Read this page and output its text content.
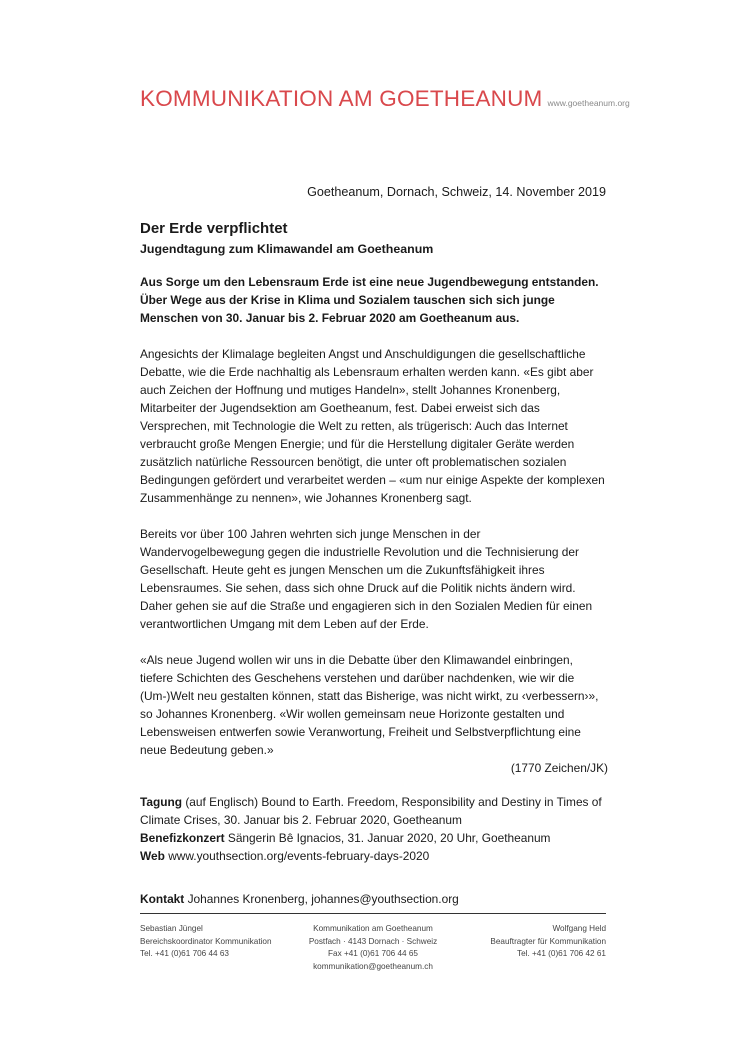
KOMMUNIKATION AM GOETHEANUM www.goetheanum.org
Goetheanum, Dornach, Schweiz, 14. November 2019
Der Erde verpflichtet
Jugendtagung zum Klimawandel am Goetheanum

Aus Sorge um den Lebensraum Erde ist eine neue Jugendbewegung entstanden. Über Wege aus der Krise in Klima und Sozialem tauschen sich sich junge Menschen von 30. Januar bis 2. Februar 2020 am Goetheanum aus.

Angesichts der Klimalage begleiten Angst und Anschuldigungen die gesellschaftliche Debatte, wie die Erde nachhaltig als Lebensraum erhalten werden kann. «Es gibt aber auch Zeichen der Hoffnung und mutiges Handeln», stellt Johannes Kronenberg, Mitarbeiter der Jugendsektion am Goetheanum, fest. Dabei erweist sich das Versprechen, mit Technologie die Welt zu retten, als trügerisch: Auch das Internet verbraucht große Mengen Energie; und für die Herstellung digitaler Geräte werden zusätzlich natürliche Ressourcen benötigt, die unter oft problematischen sozialen Bedingungen gefördert und verarbeitet werden – «um nur einige Aspekte der komplexen Zusammenhänge zu nennen», wie Johannes Kronenberg sagt.

Bereits vor über 100 Jahren wehrten sich junge Menschen in der Wandervogelbewegung gegen die industrielle Revolution und die Technisierung der Gesellschaft. Heute geht es jungen Menschen um die Zukunftsfähigkeit ihres Lebensraumes. Sie sehen, dass sich ohne Druck auf die Politik nichts ändern wird. Daher gehen sie auf die Straße und engagieren sich in den Sozialen Medien für einen verantwortlichen Umgang mit dem Leben auf der Erde.

«Als neue Jugend wollen wir uns in die Debatte über den Klimawandel einbringen, tiefere Schichten des Geschehens verstehen und darüber nachdenken, wie wir die (Um-)Welt neu gestalten können, statt das Bisherige, was nicht wirkt, zu ‹verbessern›», so Johannes Kronenberg. «Wir wollen gemeinsam neue Horizonte gestalten und Lebensweisen entwerfen sowie Veranwortung, Freiheit und Selbstverpflichtung eine neue Bedeutung geben.»

(1770 Zeichen/JK)

Tagung (auf Englisch) Bound to Earth. Freedom, Responsibility and Destiny in Times of Climate Crises, 30. Januar bis 2. Februar 2020, Goetheanum

Benefizkonzert Sängerin Bê Ignacios, 31. Januar 2020, 20 Uhr, Goetheanum

Web www.youthsection.org/events-february-days-2020

Kontakt Johannes Kronenberg, johannes@youthsection.org
Sebastian Jüngel
Bereichskoordinator Kommunikation
Tel. +41 (0)61 706 44 63
Kommunikation am Goetheanum
Postfach · 4143 Dornach · Schweiz
Fax +41 (0)61 706 44 65
kommunikation@goetheanum.ch
Wolfgang Held
Beauftragter für Kommunikation
Tel. +41 (0)61 706 42 61
